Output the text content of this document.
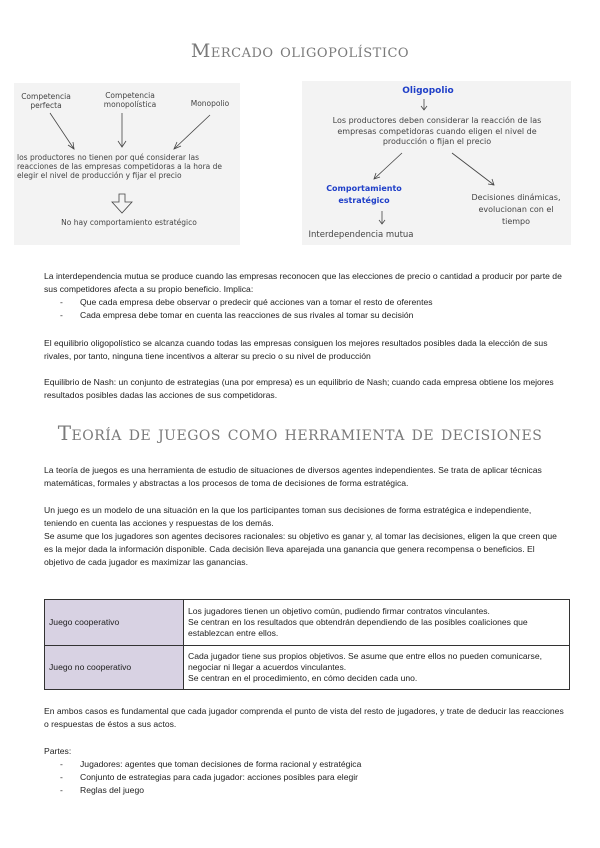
Mercado oligopolístico
Competencia perfecta
Competencia monopolística	Monopolio
los productores no tienen por qué considerar las reacciones de las empresas competidoras a la hora de elegir el nivel de producción y fijar el precio
No hay comportamiento estratégico
Oligopolio
Los productores deben considerar la reacción de las empresas competidoras cuando eligen el nivel de producción o fijan el precio
Comportamiento estratégico	Decisiones dinámicas, evolucionan con el tiempo
Interdependencia mutua

La interdependencia mutua se produce cuando las empresas reconocen que las elecciones de precio o cantidad a producir por parte de sus competidores afecta a su propio beneficio. Implica:

- Que cada empresa debe observar o predecir qué acciones van a tomar el resto de oferentes
- Cada empresa debe tomar en cuenta las reacciones de sus rivales al tomar su decisión

El equilibrio oligopolístico se alcanza cuando todas las empresas consiguen los mejores resultados posibles dada la elección de sus rivales, por tanto, ninguna tiene incentivos a alterar su precio o su nivel de producción

Equilibrio de Nash: un conjunto de estrategias (una por empresa) es un equilibrio de Nash; cuando cada empresa obtiene los mejores resultados posibles dadas las acciones de sus competidoras.

Teoría de juegos como herramienta de decisiones

La teoría de juegos es una herramienta de estudio de situaciones de diversos agentes independientes. Se trata de aplicar técnicas matemáticas, formales y abstractas a los procesos de toma de decisiones de forma estratégica.

Un juego es un modelo de una situación en la que los participantes toman sus decisiones de forma estratégica e independiente, teniendo en cuenta las acciones y respuestas de los demás.

Se asume que los jugadores son agentes decisores racionales: su objetivo es ganar y, al tomar las decisiones, eligen la que creen que es la mejor dada la información disponible. Cada decisión lleva aparejada una ganancia que genera recompensa o beneficios. El objetivo de cada jugador es maximizar las ganancias.

Juego cooperativo	Los jugadores tienen un objetivo común, pudiendo firmar contratos vinculantes.
Se centran en los resultados que obtendrán dependiendo de las posibles coaliciones que establezcan entre ellos.

Juego no cooperativo	Cada jugador tiene sus propios objetivos. Se asume que entre ellos no pueden comunicarse, negociar ni llegar a acuerdos vinculantes.
Se centran en el procedimiento, en cómo deciden cada uno.

En ambos casos es fundamental que cada jugador comprenda el punto de vista del resto de jugadores, y trate de deducir las reacciones o respuestas de éstos a sus actos.

Partes:

- Jugadores: agentes que toman decisiones de forma racional y estratégica
- Conjunto de estrategias para cada jugador: acciones posibles para elegir
- Reglas del juego
